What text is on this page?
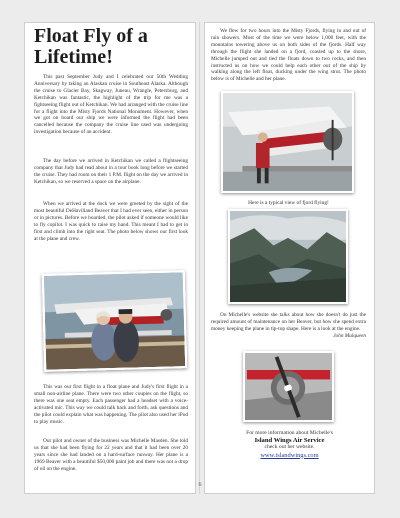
Float Fly of a
Lifetime!

This past September Judy and I celebrated our 50th Wedding Anniversary by taking an Alaskan cruise in Southeast Alaska. Although the cruise to Glacier Bay, Skagway, Juneau, Wrangle, Petersburg, and Ketchikan was fantastic, the highlight of the trip for me was a fightseeing flight out of Ketchikan. We had arranged with the cruise line for a flight into the Misty Fjords National Monument. However, when we got on board our ship we were informed the flight had been cancelled because the company the cruise line used was undergoing investigation because of an accident.

The day before we arrived in Ketchikan we called a flightseeing company that Judy had read about in a tour book long before we started the cruise. They had room on their 1 P.M. flight on the day we arrived in Ketchikan, so we reserved a space on the airplane.

When we arrived at the dock we were greeted by the sight of the most beautiful DeHavilland Beaver that I had ever seen, either in person or in pictures. Before we boarded, the pilot asked if someone would like to fly copilot. I was quick to raise my hand. This meant I had to get in first and climb into the right seat. The photo below shows our first look at the plane and crew.

This was our first flight in a float plane and Judy's first flight in a small non-airline plane. There were two other couples on the flight, so there was one seat empty. Each passenger had a headset with a voice-activated mic. This way we could talk back and forth, ask questions and the pilot could explain what was happening. The pilot also used her iPod to play music.

Our pilot and owner of the business was Michelle Masden. She told us that she had been flying for 22 years and that it had been over 20 years since she had landed on a hard-surface runway. Her plane is a 1969 Beaver with a beautiful $50,000 paint job and there was not a drop of oil on the engine.

We flew for two hours into the Misty Fjords, flying in and out of rain showers. Most of the time we were below 1,000 feet, with the mountains towering above us on both sides of the fjords. Half way through the flight she landed on a fjord, coasted up to the shore, Michelle jumped out and tied the floats down to two rocks, and then instructed us on how we could help each other out of the ship by walking along the left float, ducking under the wing strut. The photo below is of Michelle and her plane.

Here is a typical view of fjord flying!

On Michelle's website she talks about how she doesn't do just the required amount of maintenance on her Beaver, but how she spend extra money keeping the plane in tip-top shape. Here is a look at the engine.
John Mulqueen

For more information about Michelle's
Island Wings Air Service
check out her website.
www.islandwings.com
6
